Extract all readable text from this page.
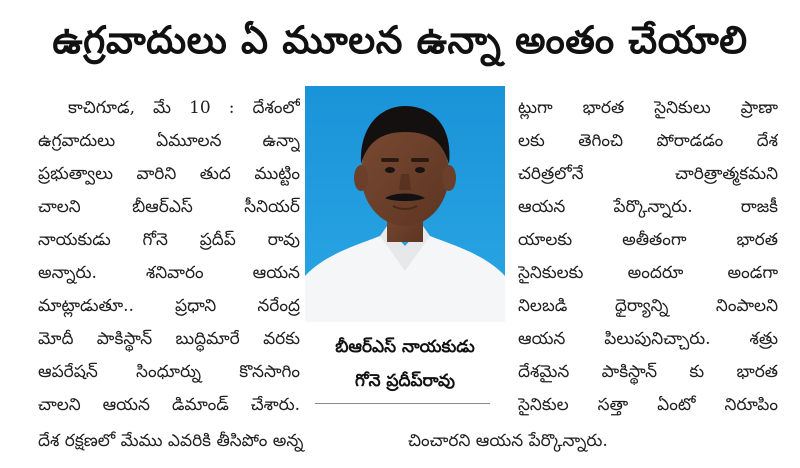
ఉగ్రవాదులు ఏ మూలన ఉన్నా అంతం చేయాలి
కాచిగూడ, మే 10 : దేశంలో
ఉగ్రవాదులు ఏమూలన ఉన్నా
ప్రభుత్వాలు వారిని తుద ముట్టిం
చాలని బీఆర్ఎస్ సీనియర్
నాయకుడు గోనె ప్రదీప్ రావు
అన్నారు. శనివారం ఆయన
మాట్లాడుతూ.. ప్రధాని నరేంద్ర
మోదీ పాకిస్థాన్ బుద్ధిమారే వరకు
ఆపరేషన్ సింధూర్ను కొనసాగిం
చాలని ఆయన డిమాండ్ చేశారు.
బీఆర్ఎస్ నాయకుడు
గోనె ప్రదీప్‌రావు
ట్లుగా భారత సైనికులు ప్రాణా
లకు తెగించి పోరాడడం దేశ
చరిత్రలోనే చారిత్రాత్మకమని
ఆయన పేర్కొన్నారు. రాజకీ
యాలకు అతీతంగా భారత
సైనికులకు అందరూ అండగా
నిలబడి ధైర్యాన్ని నింపాలని
ఆయన పిలుపునిచ్చారు. శత్రు
దేశమైన పాకిస్థాన్ కు భారత
సైనికుల సత్తా ఏంటో నిరూపిం
దేశ రక్షణలో మేము ఎవరికి తీసిపోం అన్న	చించారని ఆయన పేర్కొన్నారు.
